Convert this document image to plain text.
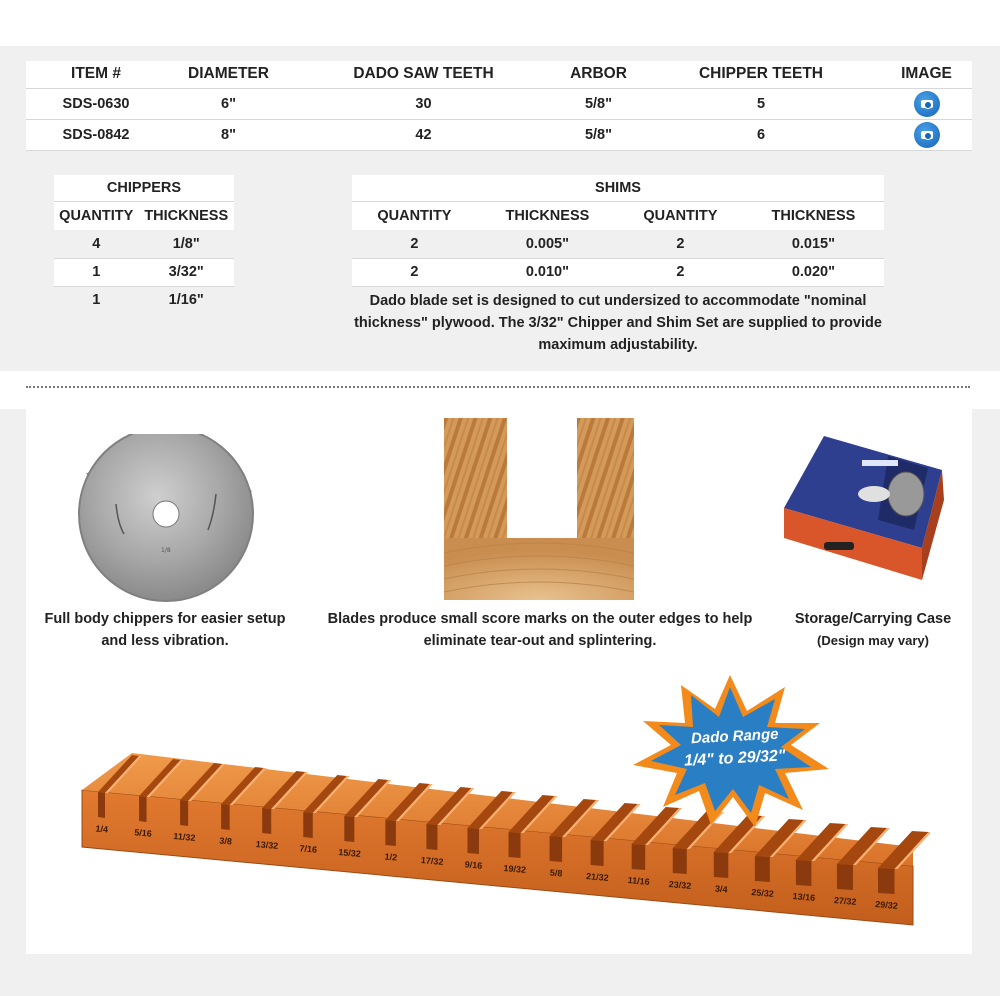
ITEM #	DIAMETER	DADO SAW TEETH	ARBOR	CHIPPER TEETH	IMAGE
SDS-0630	6"	30	5/8"	5	
SDS-0842	8"	42	5/8"	6	
CHIPPERS	
QUANTITY	THICKNESS
4	1/8"
1	3/32"
1	1/16"
SHIMS			
QUANTITY	THICKNESS	QUANTITY	THICKNESS
2	0.005"	2	0.015"
2	0.010"	2	0.020"
Dado blade set is designed to cut undersized to accommodate "nominal thickness" plywood. The 3/32" Chipper and Shim Set are supplied to provide maximum adjustability.
1/8
Full body chippers for easier setup
and less vibration.
Blades produce small score marks on the outer edges to help
eliminate tear-out and splintering.
Storage/Carrying Case
(Design may vary)
1/4	5/16 11/32	3/8	13/32 7/16 15/32	1/2	17/32 9/16 19/32	5/8	21/32 11/16 23/32	3/4	25/32 13/16 27/32 29/32
Dado Range
1/4" to 29/32"
